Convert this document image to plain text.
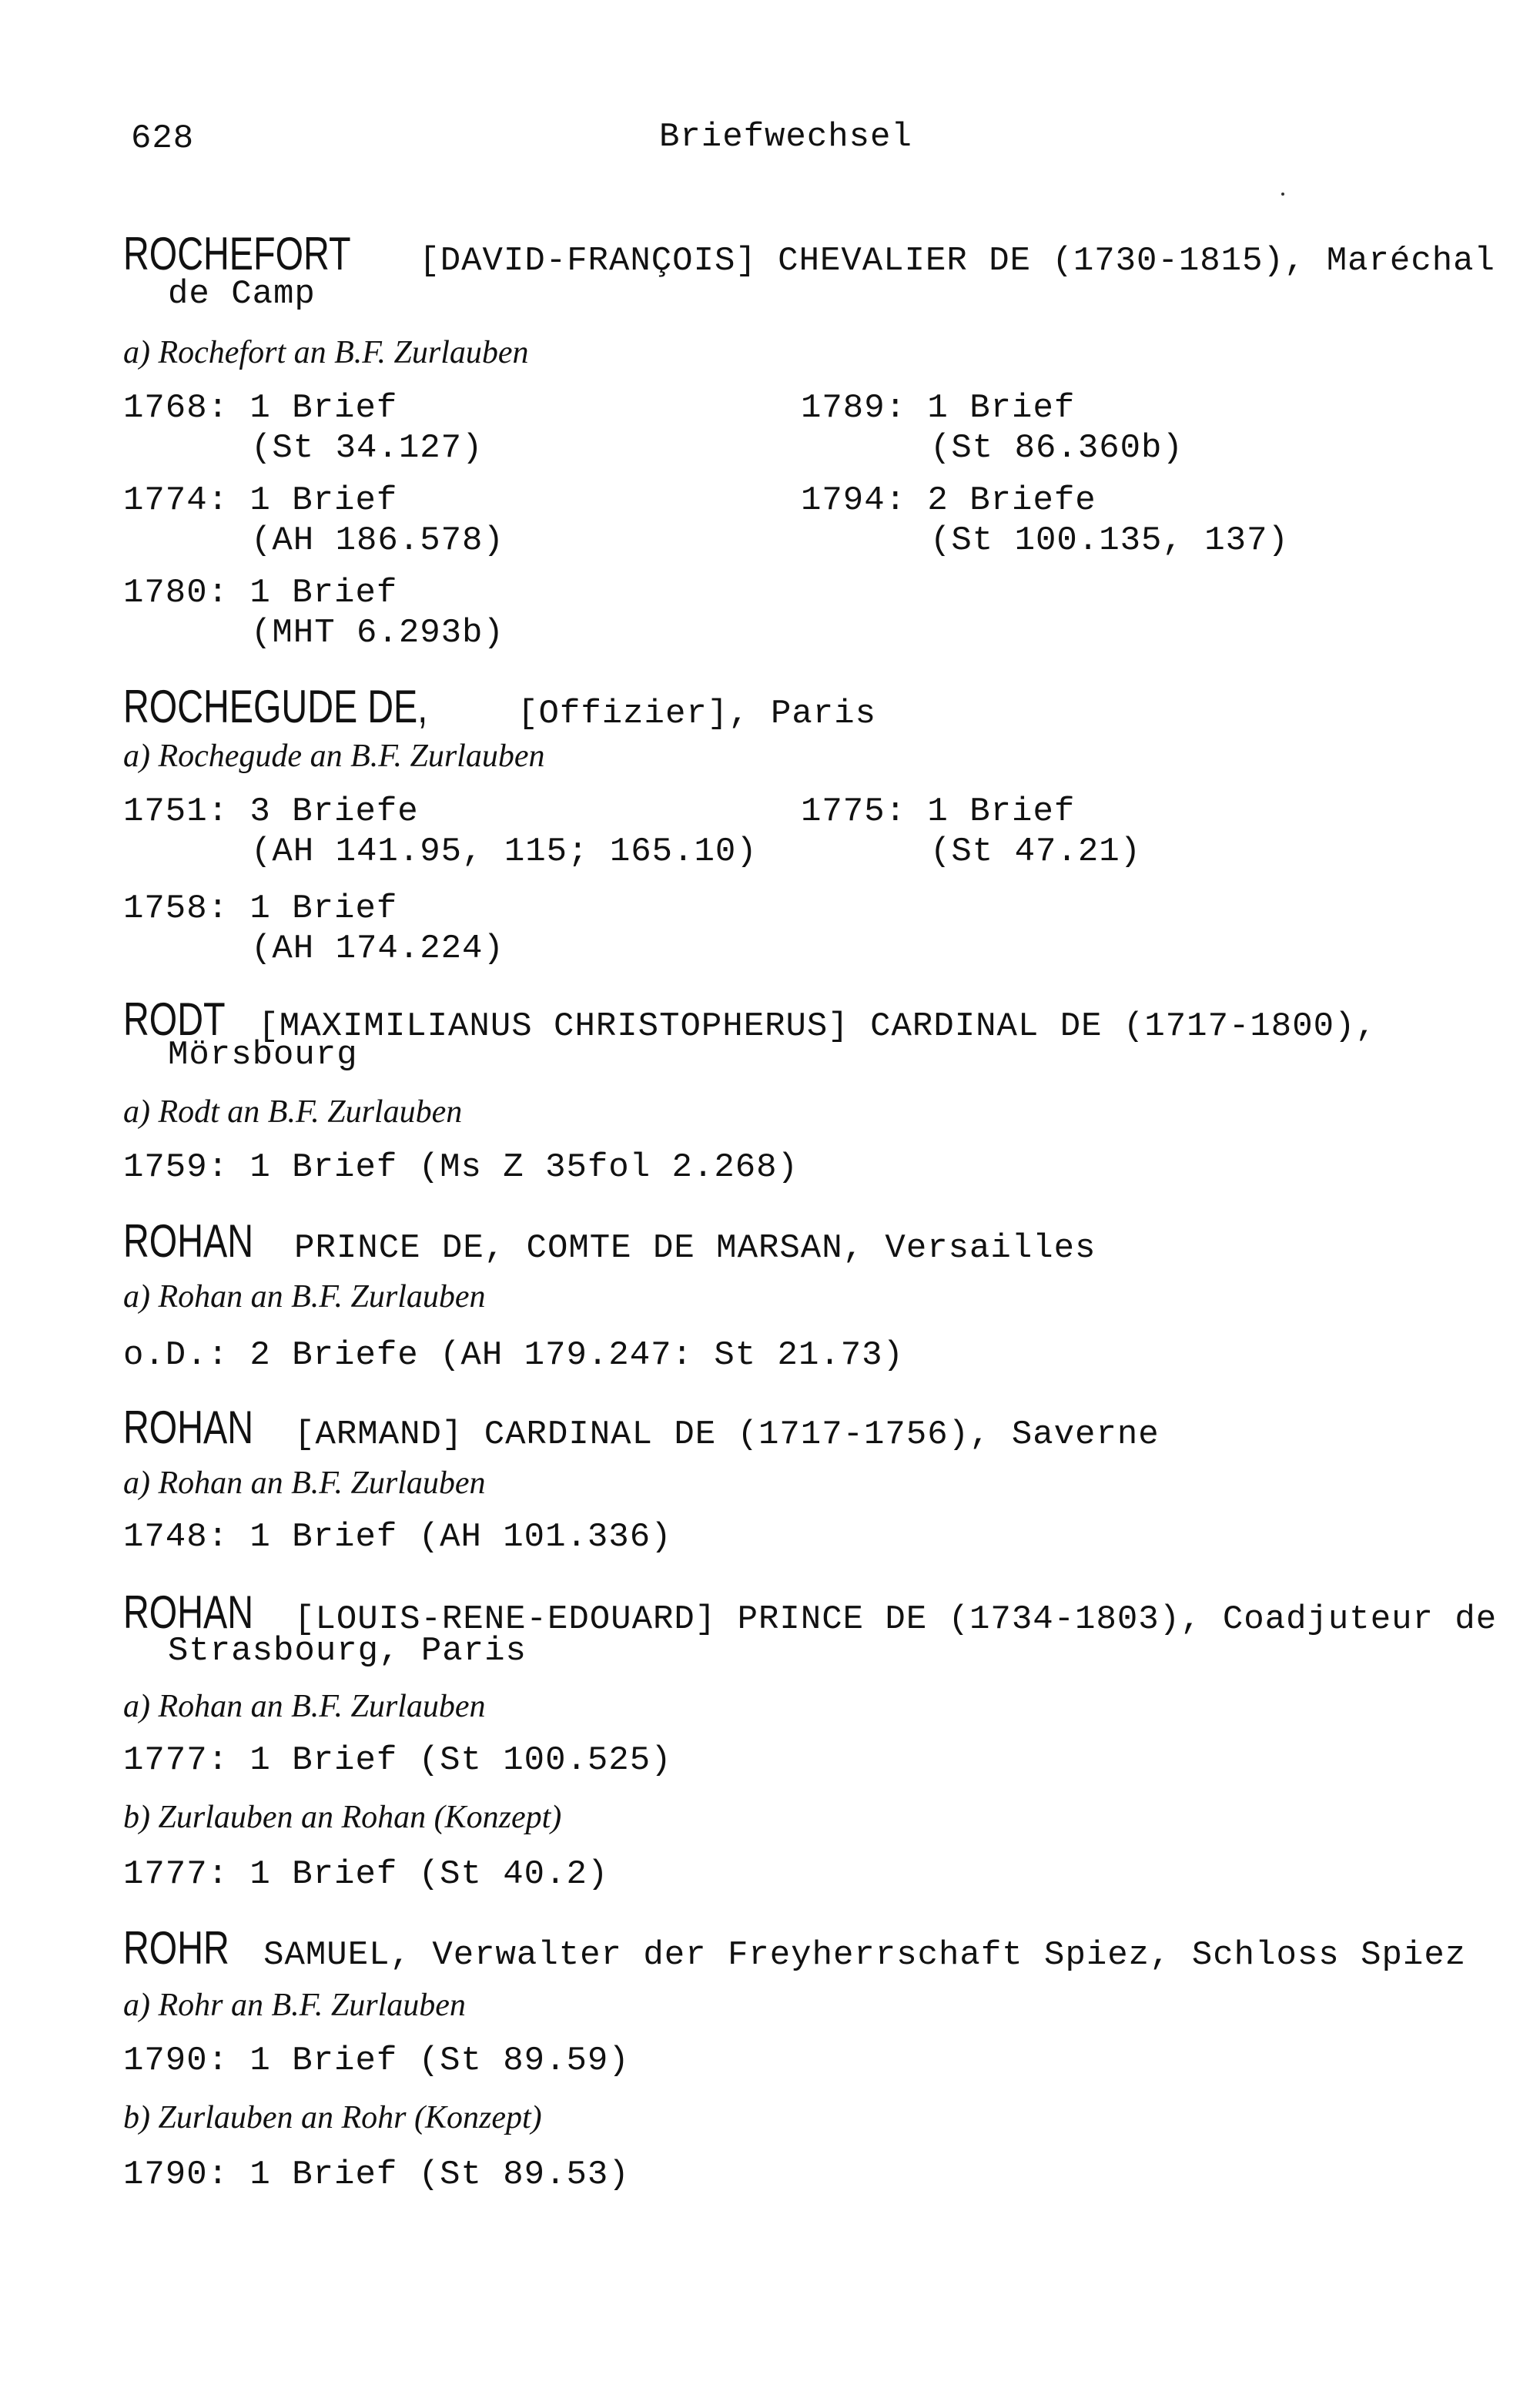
628	Briefwechsel
ROCHEFORT [DAVID-FRANÇOIS] CHEVALIER DE (1730-1815), Maréchal
de Camp
a) Rochefort an B.F. Zurlauben
1768: 1 Brief
(St 34.127)
1774: 1 Brief
(AH 186.578)
1780: 1 Brief
(MHT 6.293b)
1789: 1 Brief
(St 86.360b)
1794: 2 Briefe
(St 100.135, 137)
ROCHEGUDE DE,	[Offizier], Paris
a) Rochegude an B.F. Zurlauben
1751: 3 Briefe
(AH 141.95, 115; 165.10)
1758: 1 Brief
(AH 174.224)
1775: 1 Brief
(St 47.21)
RODT [MAXIMILIANUS CHRISTOPHERUS] CARDINAL DE (1717-1800),
Mörsbourg
a) Rodt an B.F. Zurlauben
1759: 1 Brief (Ms Z 35fol 2.268)
ROHAN PRINCE DE, COMTE DE MARSAN, Versailles
a) Rohan an B.F. Zurlauben
o.D.: 2 Briefe (AH 179.247: St 21.73)
ROHAN [ARMAND] CARDINAL DE (1717-1756), Saverne
a) Rohan an B.F. Zurlauben
1748: 1 Brief (AH 101.336)
ROHAN [LOUIS-RENE-EDOUARD] PRINCE DE (1734-1803), Coadjuteur de
Strasbourg, Paris
a) Rohan an B.F. Zurlauben
1777: 1 Brief (St 100.525)
b) Zurlauben an Rohan (Konzept)
1777: 1 Brief (St 40.2)
ROHR SAMUEL, Verwalter der Freyherrschaft Spiez, Schloss Spiez
a) Rohr an B.F. Zurlauben
1790: 1 Brief (St 89.59)
b) Zurlauben an Rohr (Konzept)
1790: 1 Brief (St 89.53)
